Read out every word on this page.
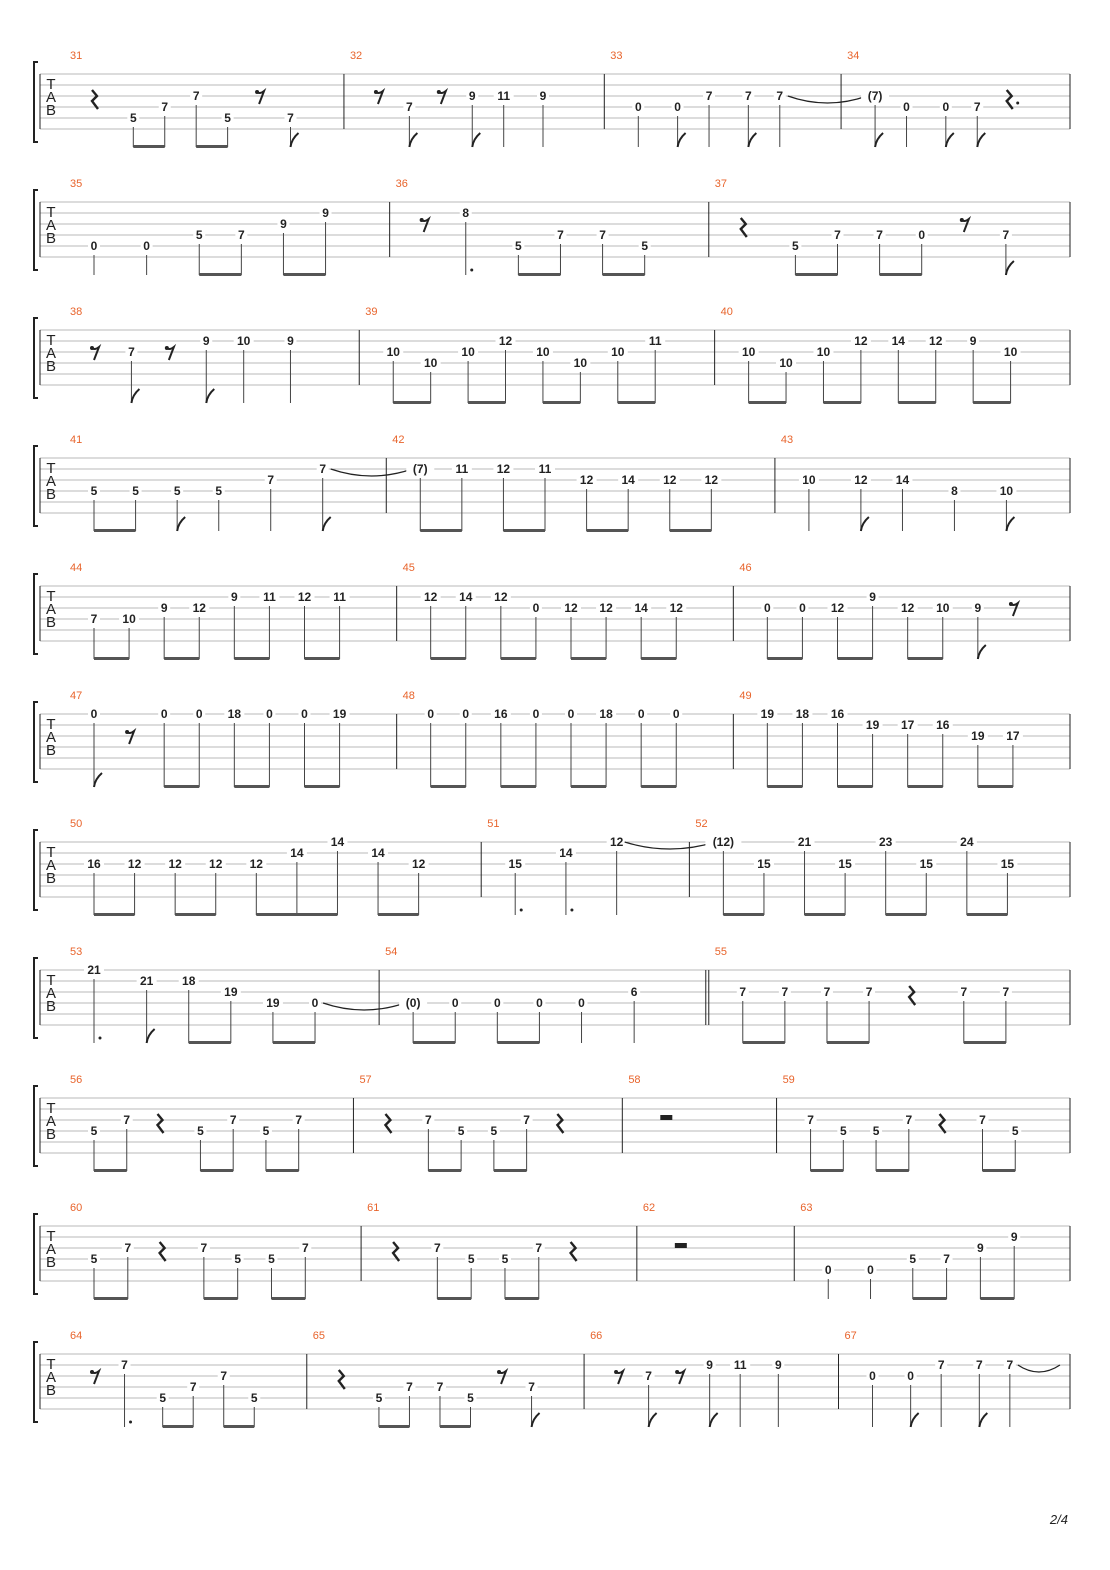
T
A
B
31
5
7
7
5	7
32
7
9 11 9
33
0	0
7	7 7
34
(7)
0	0 7
T
A
B
35
0	0
5	7
9
9
36
8
5
7	7
5
37
5
7	7	0	7
T
A
B
38
7
9 10	9
39
10
10
10
12
10
10
10
11
40
10
10
10
12 14 12 9
10
T
A
B
41
5	5	5	5
7
7
42
(7) 11 12 11
12 14 12 12
43
10	12 14
8	10
T
A
B
44
7 10
9 12
9 11 12 11
45
12 14 12
0 12 12 14 12
46
0 0 12
9
12 10 9
T
A
B
47
0	0 0 18 0 0 19
48
0 0 16 0 0 18 0 0
49
19 18 16
19 17 16
19 17
T
A
B
50
16 12 12 12 12
14
14
14
12
51
15
14
12
52
(12)
15
21
15
23
15
24
15
T
A
B
53
21
21 18
19
19	0
54
(0)	0	0	0	0
6
55
7	7	7	7	7	7
T
A
B
56
5
7
5
7
5
7
57
7
5 5
7
58	59
7
5 5
7	7
5
T
A
B
60
5
7	7
5 5
7
61
7
5 5
7
62	63
0	0
5 7
9
9
T
A
B
64
7
5
7
7
5
65
5
7 7
5
7
66
7
9 11 9
67
0	0
7	7 7
2/4
